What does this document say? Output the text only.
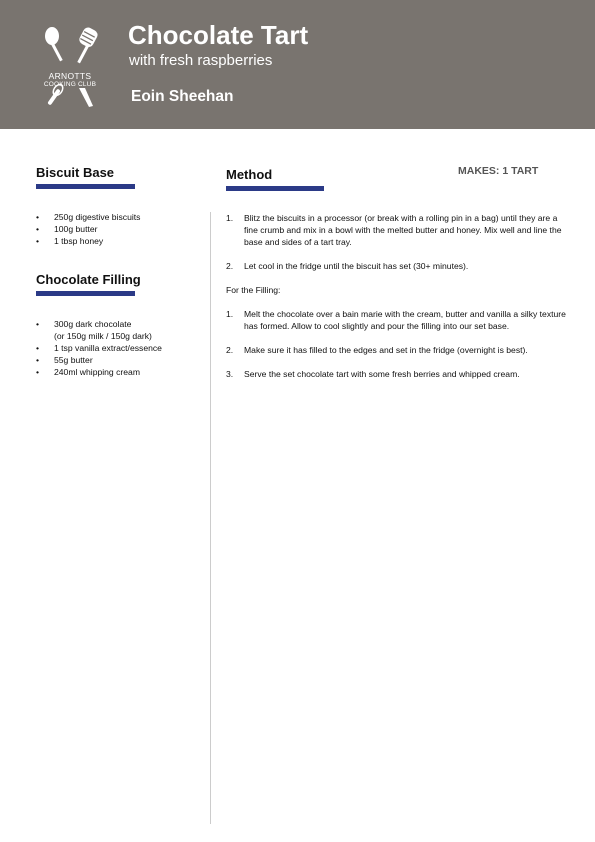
ARNOTTS
COOKING CLUB
Chocolate Tart
with fresh raspberries
Eoin Sheehan
Biscuit Base
• 250g digestive biscuits
• 100g butter
• 1 tbsp honey
Chocolate Filling
• 300g dark chocolate
(or 150g milk / 150g dark)
• 1 tsp vanilla extract/essence
• 55g butter
• 240ml whipping cream
Method	MAKES: 1 TART
1. Blitz the biscuits in a processor (or break with a rolling pin in a bag) until they are a fine crumb and mix in a bowl with the melted butter and honey. Mix well and line the base and sides of a tart tray.
2. Let cool in the fridge until the biscuit has set (30+ minutes).

For the Filling:

1. Melt the chocolate over a bain marie with the cream, butter and vanilla a silky texture has formed. Allow to cool slightly and pour the filling into our set base.
2. Make sure it has filled to the edges and set in the fridge (overnight is best).
3. Serve the set chocolate tart with some fresh berries and whipped cream.
